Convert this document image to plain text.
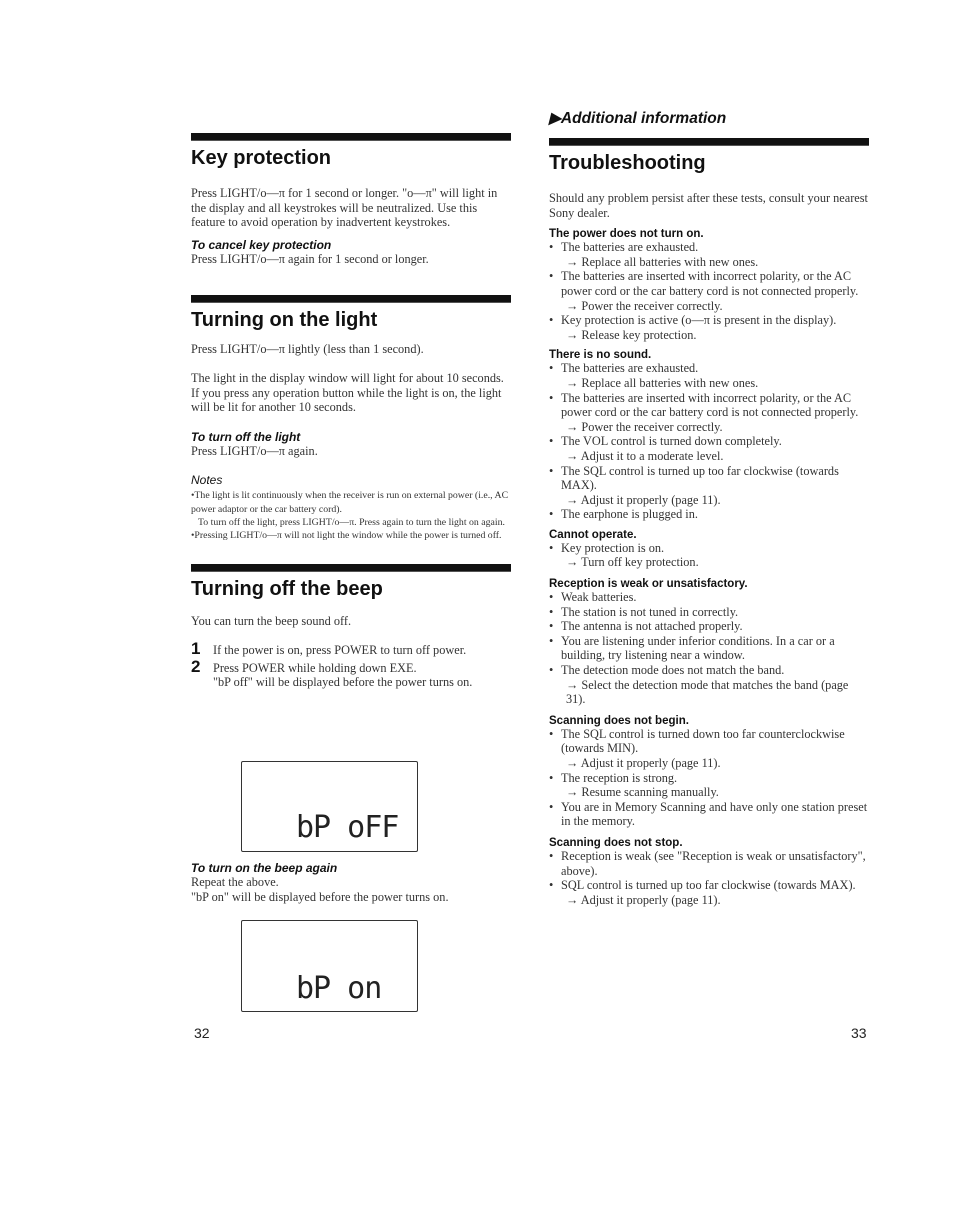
Key protection

Press LIGHT/o—π for 1 second or longer. "o—π" will light in the display and all keystrokes will be neutralized. Use this feature to avoid operation by inadvertent keystrokes.

To cancel key protection

Press LIGHT/o—π again for 1 second or longer.

Turning on the light

Press LIGHT/o—π lightly (less than 1 second).

The light in the display window will light for about 10 seconds.

If you press any operation button while the light is on, the light will be lit for another 10 seconds.

To turn off the light

Press LIGHT/o—π again.

Notes

•The light is lit continuously when the receiver is run on external power (i.e., AC power adaptor or the car battery cord).
To turn off the light, press LIGHT/o—π. Press again to turn the light on again.
•Pressing LIGHT/o—π will not light the window while the power is turned off.
Turning off the beep

You can turn the beep sound off.

1 If the power is on, press POWER to turn off power.
2 Press POWER while holding down EXE.
"bP off" will be displayed before the power turns on.
bP oFF

To turn on the beep again

Repeat the above.

"bP on" will be displayed before the power turns on.

bP on
32
▶Additional information
Troubleshooting

Should any problem persist after these tests, consult your nearest Sony dealer.

The power does not turn on.

• The batteries are exhausted.
→ Replace all batteries with new ones.
• The batteries are inserted with incorrect polarity, or the AC power cord or the car battery cord is not connected properly.
→ Power the receiver correctly.
• Key protection is active (o—π is present in the display).
→ Release key protection.

There is no sound.

• The batteries are exhausted.
→ Replace all batteries with new ones.
• The batteries are inserted with incorrect polarity, or the AC power cord or the car battery cord is not connected properly.
→ Power the receiver correctly.
• The VOL control is turned down completely.
→ Adjust it to a moderate level.
• The SQL control is turned up too far clockwise (towards MAX).
→ Adjust it properly (page 11).
• The earphone is plugged in.

Cannot operate.

• Key protection is on.
→ Turn off key protection.

Reception is weak or unsatisfactory.

• Weak batteries.
• The station is not tuned in correctly.
• The antenna is not attached properly.
• You are listening under inferior conditions. In a car or a building, try listening near a window.
• The detection mode does not match the band.
→ Select the detection mode that matches the band (page 31).

Scanning does not begin.

• The SQL control is turned down too far counterclockwise (towards MIN).
→ Adjust it properly (page 11).
• The reception is strong.
→ Resume scanning manually.
• You are in Memory Scanning and have only one station preset in the memory.

Scanning does not stop.

• Reception is weak (see "Reception is weak or unsatisfactory", above).
• SQL control is turned up too far clockwise (towards MAX).
→ Adjust it properly (page 11).
33
